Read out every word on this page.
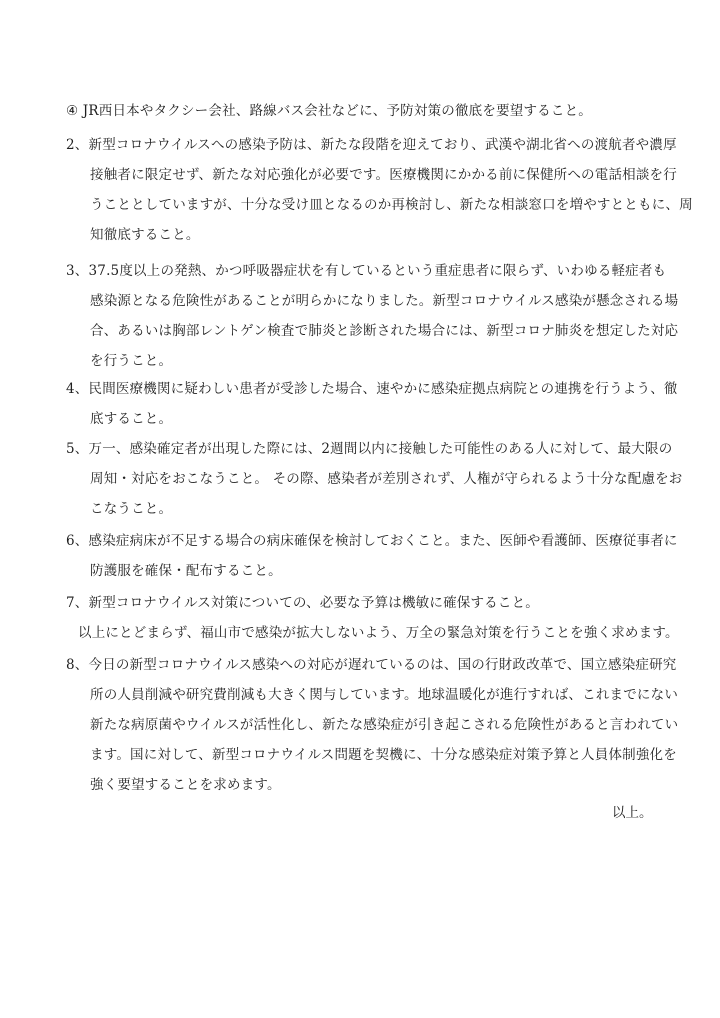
④ JR西日本やタクシー会社、路線バス会社などに、予防対策の徹底を要望すること。
2、新型コロナウイルスへの感染予防は、新たな段階を迎えており、武漢や湖北省への渡航者や濃厚
接触者に限定せず、新たな対応強化が必要です。医療機関にかかる前に保健所への電話相談を行
うこととしていますが、十分な受け皿となるのか再検討し、新たな相談窓口を増やすとともに、周
知徹底すること。
3、37.5度以上の発熱、かつ呼吸器症状を有しているという重症患者に限らず、いわゆる軽症者も
感染源となる危険性があることが明らかになりました。新型コロナウイルス感染が懸念される場
合、あるいは胸部レントゲン検査で肺炎と診断された場合には、新型コロナ肺炎を想定した対応
を行うこと。
4、民間医療機関に疑わしい患者が受診した場合、速やかに感染症拠点病院との連携を行うよう、徹
底すること。
5、万一、感染確定者が出現した際には、2週間以内に接触した可能性のある人に対して、最大限の
周知・対応をおこなうこと。 その際、感染者が差別されず、人権が守られるよう十分な配慮をお
こなうこと。
6、感染症病床が不足する場合の病床確保を検討しておくこと。また、医師や看護師、医療従事者に
防護服を確保・配布すること。
7、新型コロナウイルス対策についての、必要な予算は機敏に確保すること。
以上にとどまらず、福山市で感染が拡大しないよう、万全の緊急対策を行うことを強く求めます。
8、今日の新型コロナウイルス感染への対応が遅れているのは、国の行財政改革で、国立感染症研究
所の人員削減や研究費削減も大きく関与しています。地球温暖化が進行すれば、これまでにない
新たな病原菌やウイルスが活性化し、新たな感染症が引き起こされる危険性があると言われてい
ます。国に対して、新型コロナウイルス問題を契機に、十分な感染症対策予算と人員体制強化を
強く要望することを求めます。
以上。
